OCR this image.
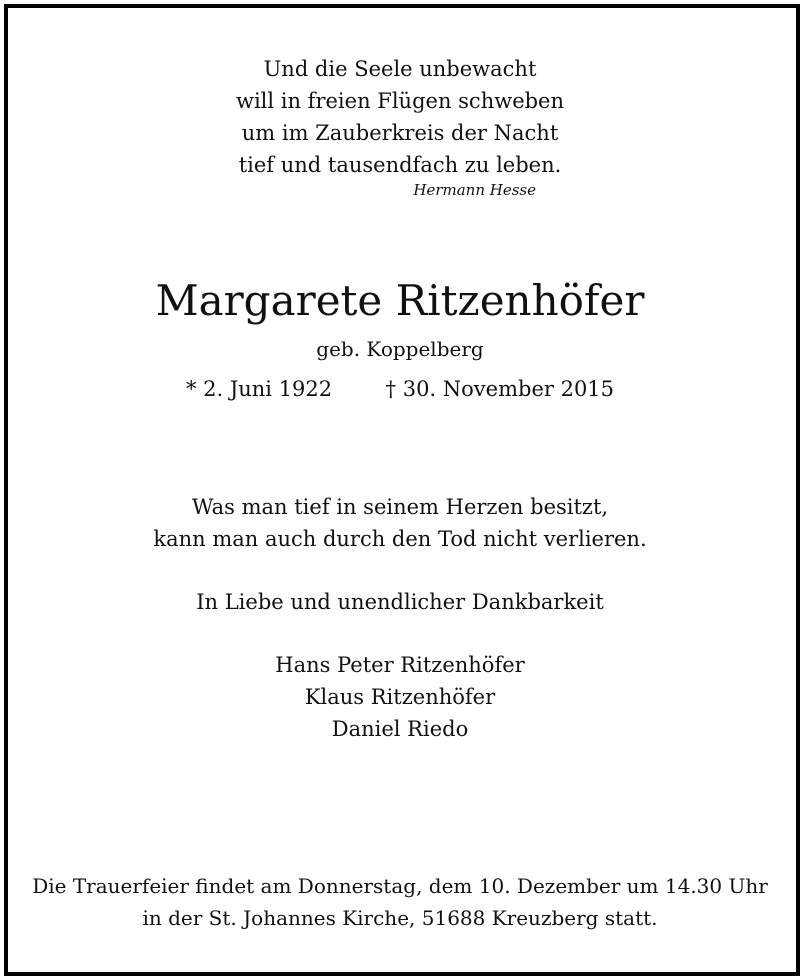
Und die Seele unbewacht
will in freien Flügen schweben
um im Zauberkreis der Nacht
tief und tausendfach zu leben.
Hermann Hesse
Margarete Ritzenhöfer
geb. Koppelberg
* 2. Juni 1922	† 30. November 2015
Was man tief in seinem Herzen besitzt,
kann man auch durch den Tod nicht verlieren.
In Liebe und unendlicher Dankbarkeit
Hans Peter Ritzenhöfer
Klaus Ritzenhöfer
Daniel Riedo
Die Trauerfeier findet am Donnerstag, dem 10. Dezember um 14.30 Uhr
in der St. Johannes Kirche, 51688 Kreuzberg statt.
